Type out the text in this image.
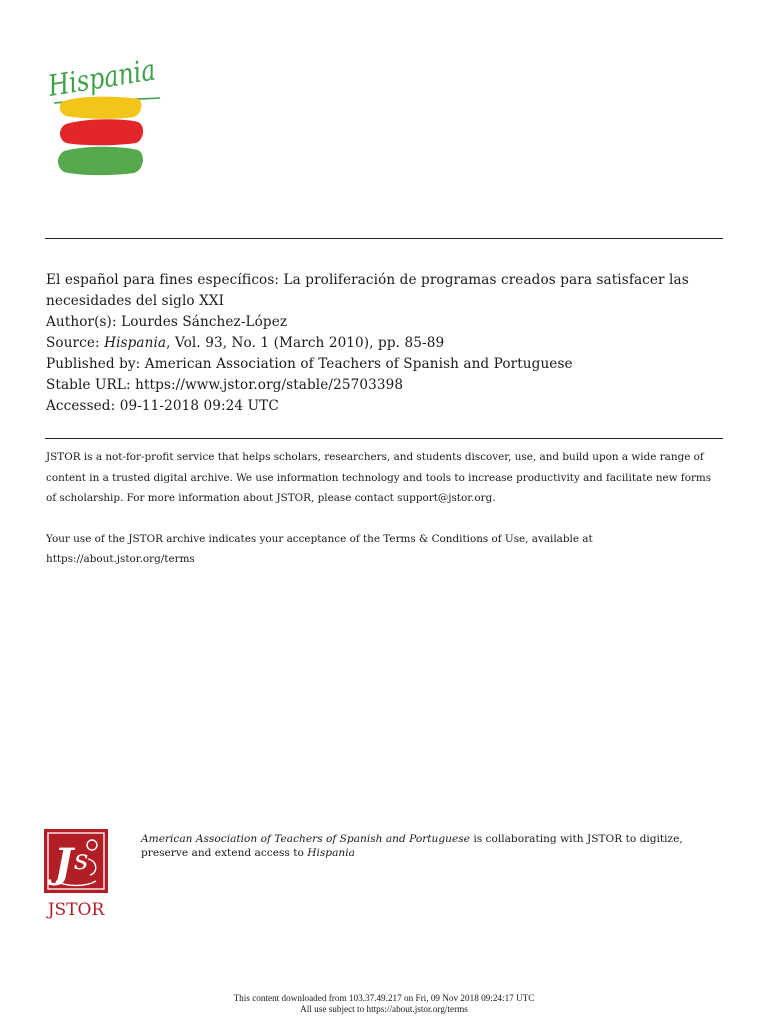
Hispania
El español para fines específicos: La proliferación de programas creados para satisfacer las necesidades del siglo XXI
Author(s): Lourdes Sánchez-López
Source: Hispania, Vol. 93, No. 1 (March 2010), pp. 85-89
Published by: American Association of Teachers of Spanish and Portuguese
Stable URL: https://www.jstor.org/stable/25703398
Accessed: 09-11-2018 09:24 UTC

JSTOR is a not-for-profit service that helps scholars, researchers, and students discover, use, and build upon a wide range of content in a trusted digital archive. We use information technology and tools to increase productivity and facilitate new forms of scholarship. For more information about JSTOR, please contact support@jstor.org.

Your use of the JSTOR archive indicates your acceptance of the Terms & Conditions of Use, available at https://about.jstor.org/terms

J s
JSTOR
American Association of Teachers of Spanish and Portuguese is collaborating with JSTOR to digitize, preserve and extend access to Hispania
This content downloaded from 103.37.49.217 on Fri, 09 Nov 2018 09:24:17 UTC
All use subject to https://about.jstor.org/terms
